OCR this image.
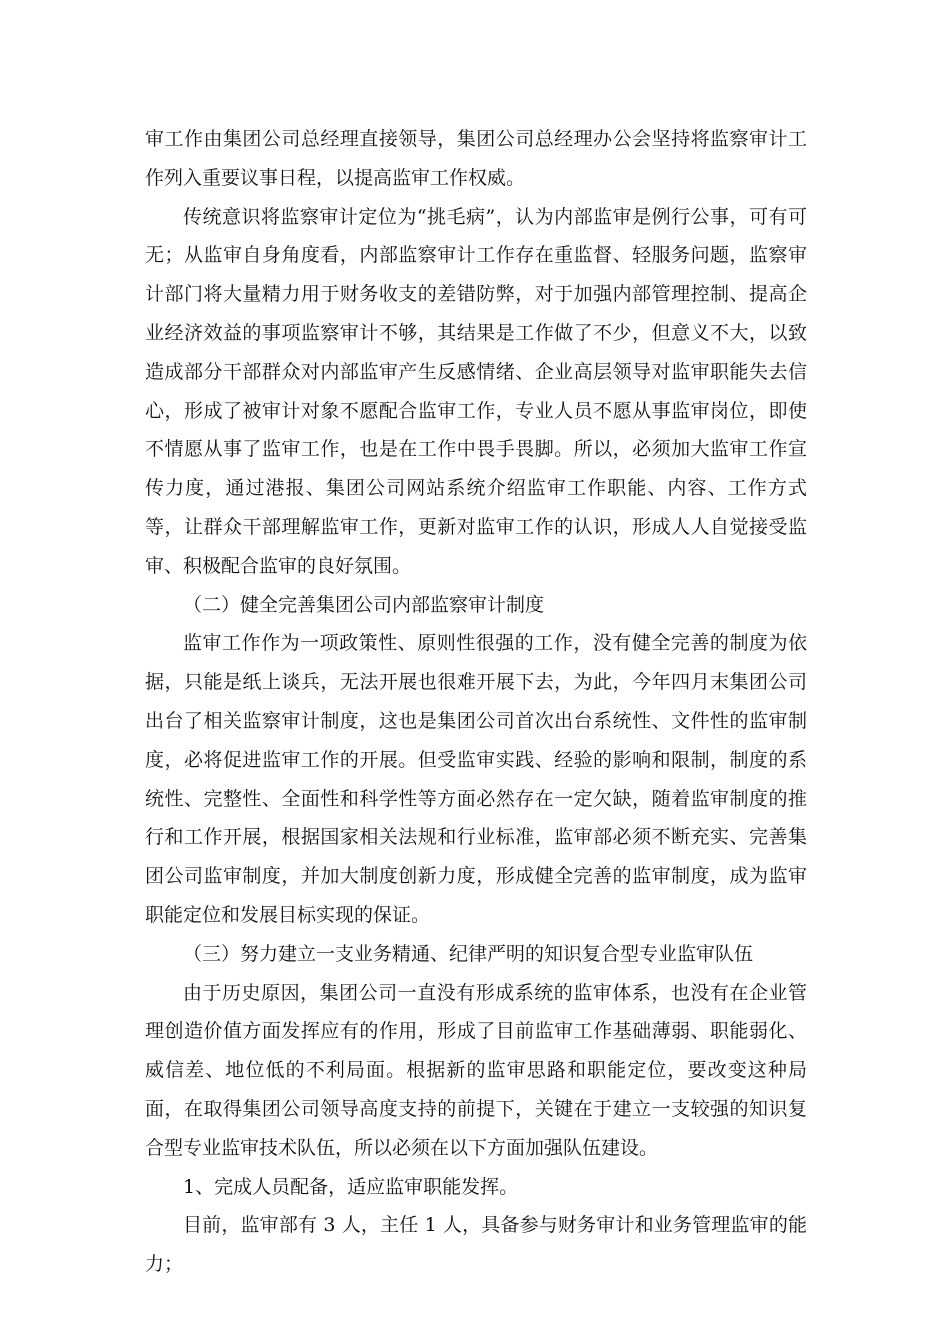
审工作由集团公司总经理直接领导，集团公司总经理办公会坚持将监察审计工作列入重要议事日程，以提高监审工作权威。

传统意识将监察审计定位为“挑毛病”，认为内部监审是例行公事，可有可无；从监审自身角度看，内部监察审计工作存在重监督、轻服务问题，监察审计部门将大量精力用于财务收支的差错防弊，对于加强内部管理控制、提高企业经济效益的事项监察审计不够，其结果是工作做了不少，但意义不大，以致造成部分干部群众对内部监审产生反感情绪、企业高层领导对监审职能失去信心，形成了被审计对象不愿配合监审工作，专业人员不愿从事监审岗位，即使不情愿从事了监审工作，也是在工作中畏手畏脚。所以，必须加大监审工作宣传力度，通过港报、集团公司网站系统介绍监审工作职能、内容、工作方式等，让群众干部理解监审工作，更新对监审工作的认识，形成人人自觉接受监审、积极配合监审的良好氛围。

（二）健全完善集团公司内部监察审计制度

监审工作作为一项政策性、原则性很强的工作，没有健全完善的制度为依据，只能是纸上谈兵，无法开展也很难开展下去，为此，今年四月末集团公司出台了相关监察审计制度，这也是集团公司首次出台系统性、文件性的监审制度，必将促进监审工作的开展。但受监审实践、经验的影响和限制，制度的系统性、完整性、全面性和科学性等方面必然存在一定欠缺，随着监审制度的推行和工作开展，根据国家相关法规和行业标准，监审部必须不断充实、完善集团公司监审制度，并加大制度创新力度，形成健全完善的监审制度，成为监审职能定位和发展目标实现的保证。

（三）努力建立一支业务精通、纪律严明的知识复合型专业监审队伍

由于历史原因，集团公司一直没有形成系统的监审体系，也没有在企业管理创造价值方面发挥应有的作用，形成了目前监审工作基础薄弱、职能弱化、威信差、地位低的不利局面。根据新的监审思路和职能定位，要改变这种局面，在取得集团公司领导高度支持的前提下，关键在于建立一支较强的知识复合型专业监审技术队伍，所以必须在以下方面加强队伍建设。

1、完成人员配备，适应监审职能发挥。

目前，监审部有 3 人，主任 1 人，具备参与财务审计和业务管理监审的能力；
